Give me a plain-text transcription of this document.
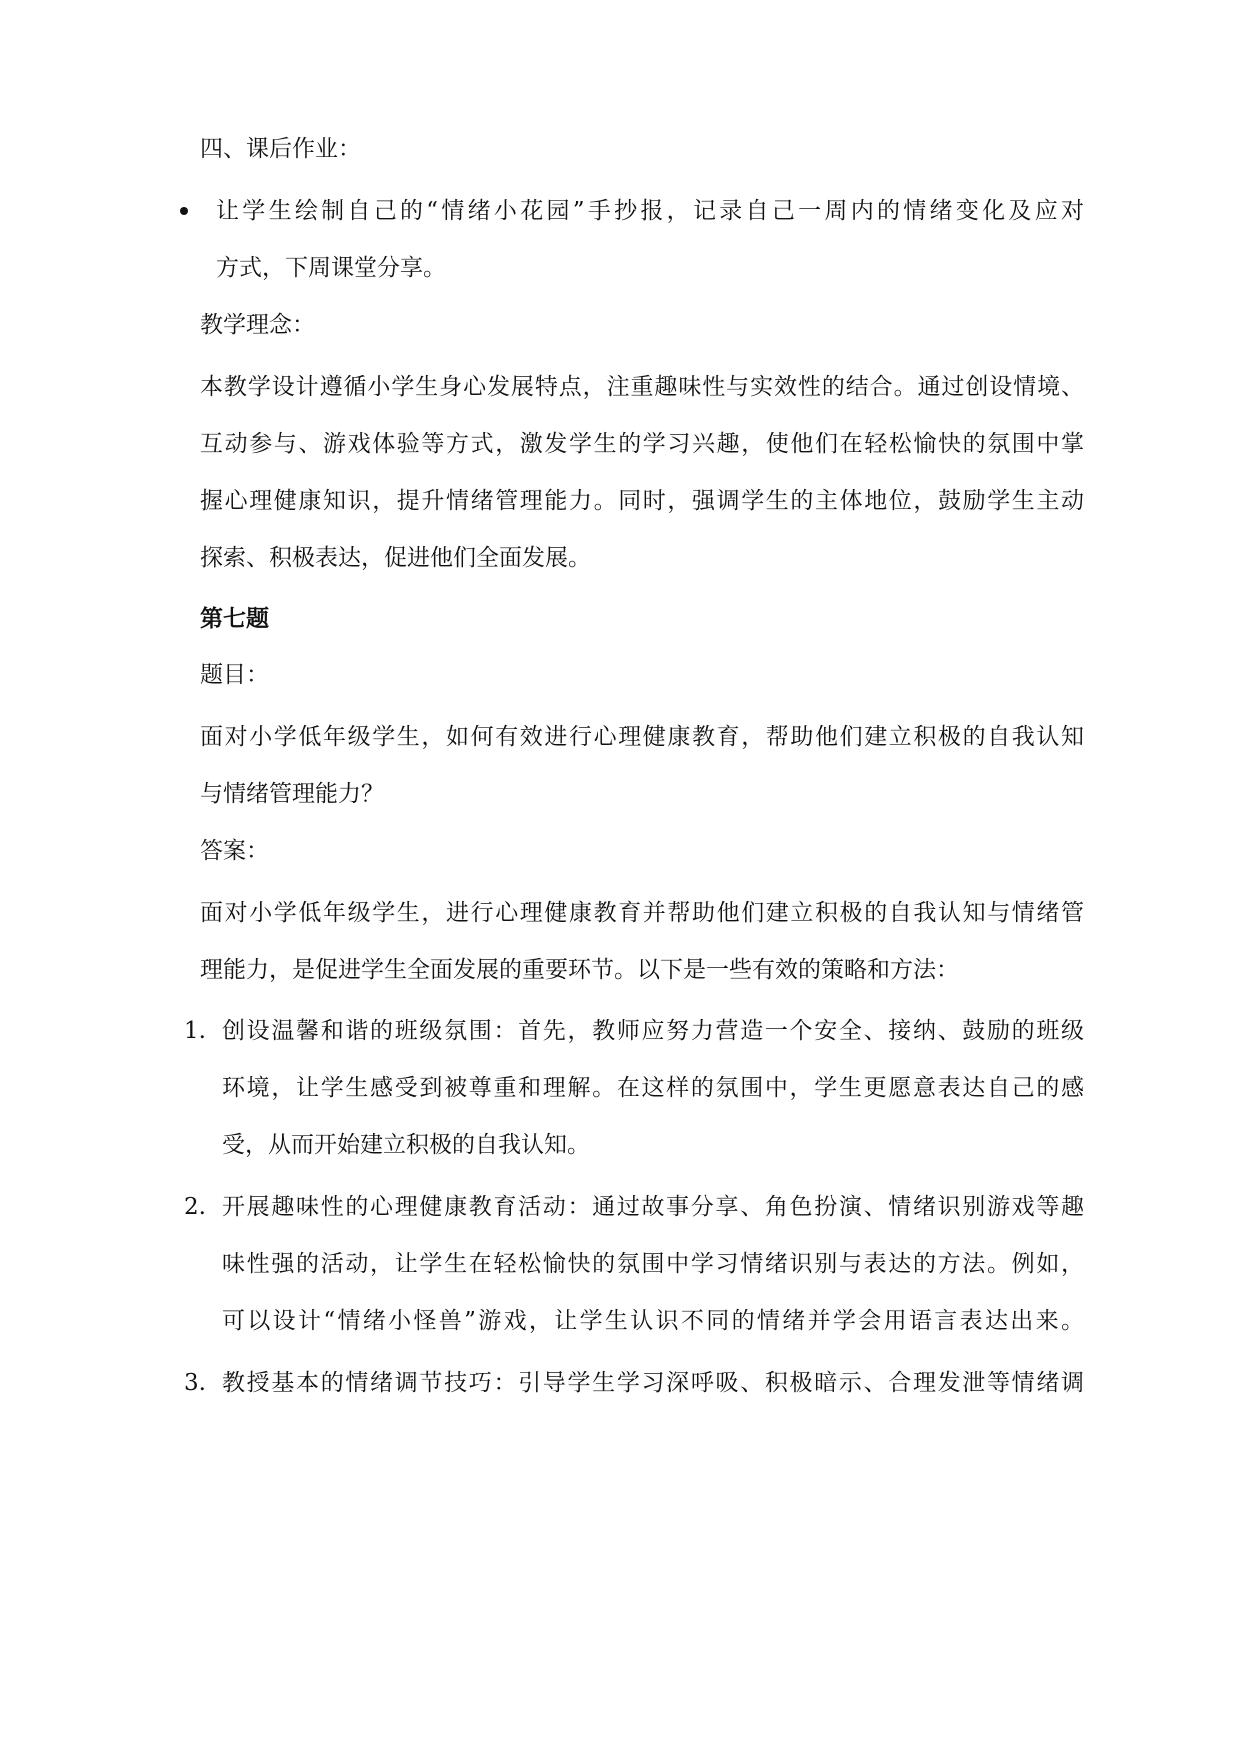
四、课后作业：
让学生绘制自己的“情绪小花园”手抄报，记录自己一周内的情绪变化及应对
方式，下周课堂分享。
教学理念：
本教学设计遵循小学生身心发展特点，注重趣味性与实效性的结合。通过创设情境、
互动参与、游戏体验等方式，激发学生的学习兴趣，使他们在轻松愉快的氛围中掌
握心理健康知识，提升情绪管理能力。同时，强调学生的主体地位，鼓励学生主动
探索、积极表达，促进他们全面发展。
第七题
题目：
面对小学低年级学生，如何有效进行心理健康教育，帮助他们建立积极的自我认知
与情绪管理能力？
答案：
面对小学低年级学生，进行心理健康教育并帮助他们建立积极的自我认知与情绪管
理能力，是促进学生全面发展的重要环节。以下是一些有效的策略和方法：
1. 创设温馨和谐的班级氛围：首先，教师应努力营造一个安全、接纳、鼓励的班级
环境，让学生感受到被尊重和理解。在这样的氛围中，学生更愿意表达自己的感
受，从而开始建立积极的自我认知。
2. 开展趣味性的心理健康教育活动：通过故事分享、角色扮演、情绪识别游戏等趣
味性强的活动，让学生在轻松愉快的氛围中学习情绪识别与表达的方法。例如，
可以设计“情绪小怪兽”游戏，让学生认识不同的情绪并学会用语言表达出来。
3. 教授基本的情绪调节技巧：引导学生学习深呼吸、积极暗示、合理发泄等情绪调
